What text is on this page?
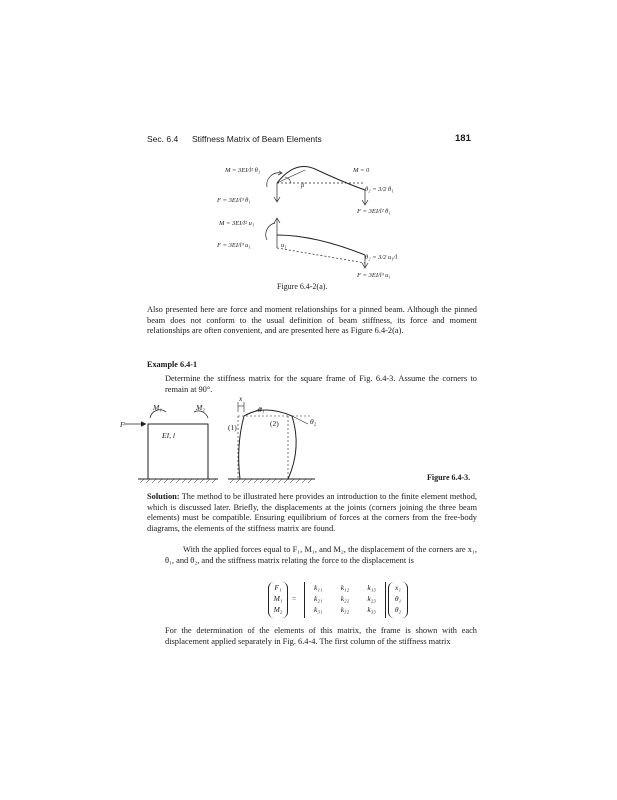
Sec. 6.4 Stiffness Matrix of Beam Elements	181
M = 3EI/l² θ₁
F = 3EI/l³ θ₁
M = 0
θ₂ = 3/2 θ₁
F = 3EI/l² θ₁
β
M = 3EI/l² u₁
F = 3EI/l³ u₁	u₁
θ₂ = 3/2 u₁/l
F = 3EI/l³ u₁
Figure 6.4-2(a).
Also presented here are force and moment relationships for a pinned beam. Although the pinned beam does not conform to the usual definition of beam stiffness, its force and moment relationships are often convenient, and are presented here as Figure 6.4-2(a).
Example 6.4-1
Determine the stiffness matrix for the square frame of Fig. 6.4-3. Assume the corners to remain at 90°.
F
M₁	M₂
EI, l
x
θ₁
θ₂
(1)	(2)
Figure 6.4-3.
Solution: The method to be illustrated here provides an introduction to the finite element method, which is discussed later. Briefly, the displacements at the joints (corners joining the three beam elements) must be compatible. Ensuring equilibrium of forces at the corners from the free-body diagrams, the elements of the stiffness matrix are found.
With the applied forces equal to F₁, M₁, and M₂, the displacement of the corners are x₁, θ₁, and θ₂, and the stiffness matrix relating the force to the displacement is
F₁
M₁
M₂
=
k₁₁ k₁₂ k₁₃
k₂₁ k₂₂ k₂₃
k₃₁ k₃₂ k₃₃
x₁
θ₁
θ₂
For the determination of the elements of this matrix, the frame is shown with each displacement applied separately in Fig. 6.4-4. The first column of the stiffness matrix
